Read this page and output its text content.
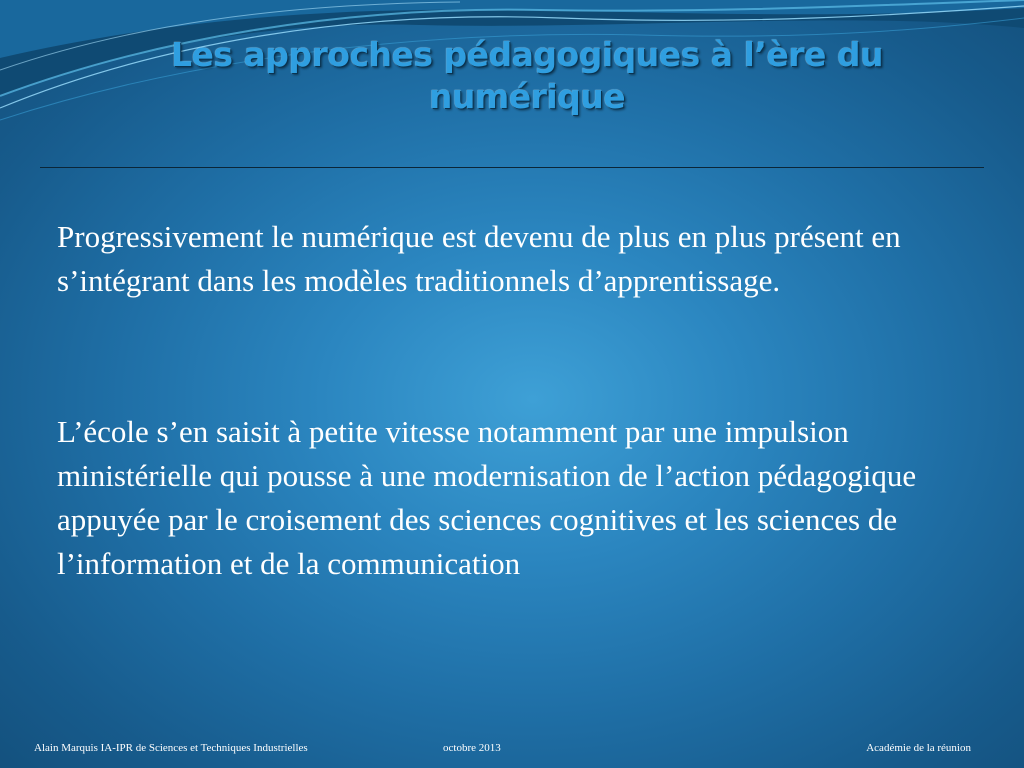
Les approches pédagogiques à l’ère du numérique

Progressivement le numérique est devenu de plus en plus présent en s’intégrant dans les modèles traditionnels d’apprentissage.

L’école s’en saisit à petite vitesse notamment par une impulsion ministérielle qui pousse à une modernisation de l’action pédagogique appuyée par le croisement des sciences cognitives et les sciences de l’information et de la communication

Alain Marquis IA-IPR de Sciences et Techniques Industrielles	octobre 2013	Académie de la réunion
